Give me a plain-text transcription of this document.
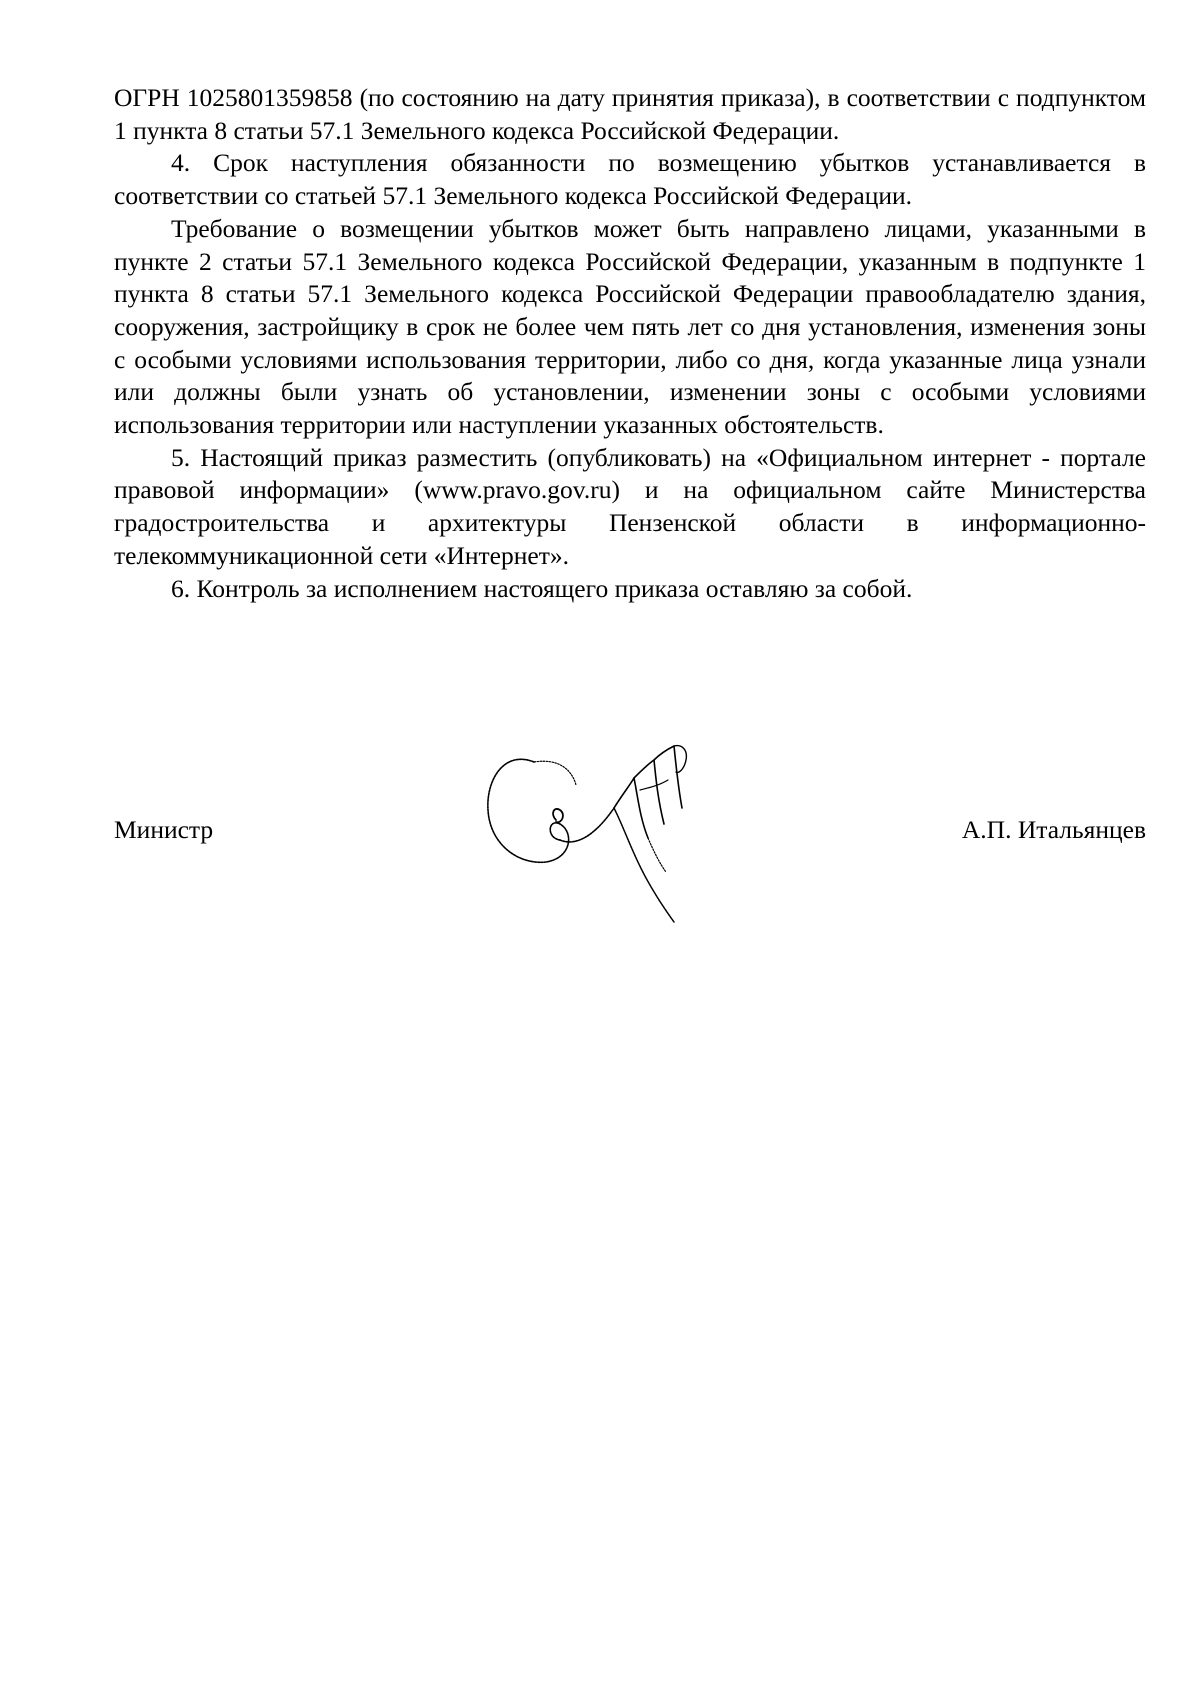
ОГРН 1025801359858 (по состоянию на дату принятия приказа), в соответствии с подпунктом 1 пункта 8 статьи 57.1 Земельного кодекса Российской Федерации.

4. Срок наступления обязанности по возмещению убытков устанавливается в соответствии со статьей 57.1 Земельного кодекса Российской Федерации.

Требование о возмещении убытков может быть направлено лицами, указанными в пункте 2 статьи 57.1 Земельного кодекса Российской Федерации, указанным в подпункте 1 пункта 8 статьи 57.1 Земельного кодекса Российской Федерации правообладателю здания, сооружения, застройщику в срок не более чем пять лет со дня установления, изменения зоны с особыми условиями использования территории, либо со дня, когда указанные лица узнали или должны были узнать об установлении, изменении зоны с особыми условиями использования территории или наступлении указанных обстоятельств.

5. Настоящий приказ разместить (опубликовать) на «Официальном интернет - портале правовой информации» (www.pravo.gov.ru) и на официальном сайте Министерства градостроительства и архитектуры Пензенской области в информационно-телекоммуникационной сети «Интернет».

6. Контроль за исполнением настоящего приказа оставляю за собой.

Министр	А.П. Итальянцев
